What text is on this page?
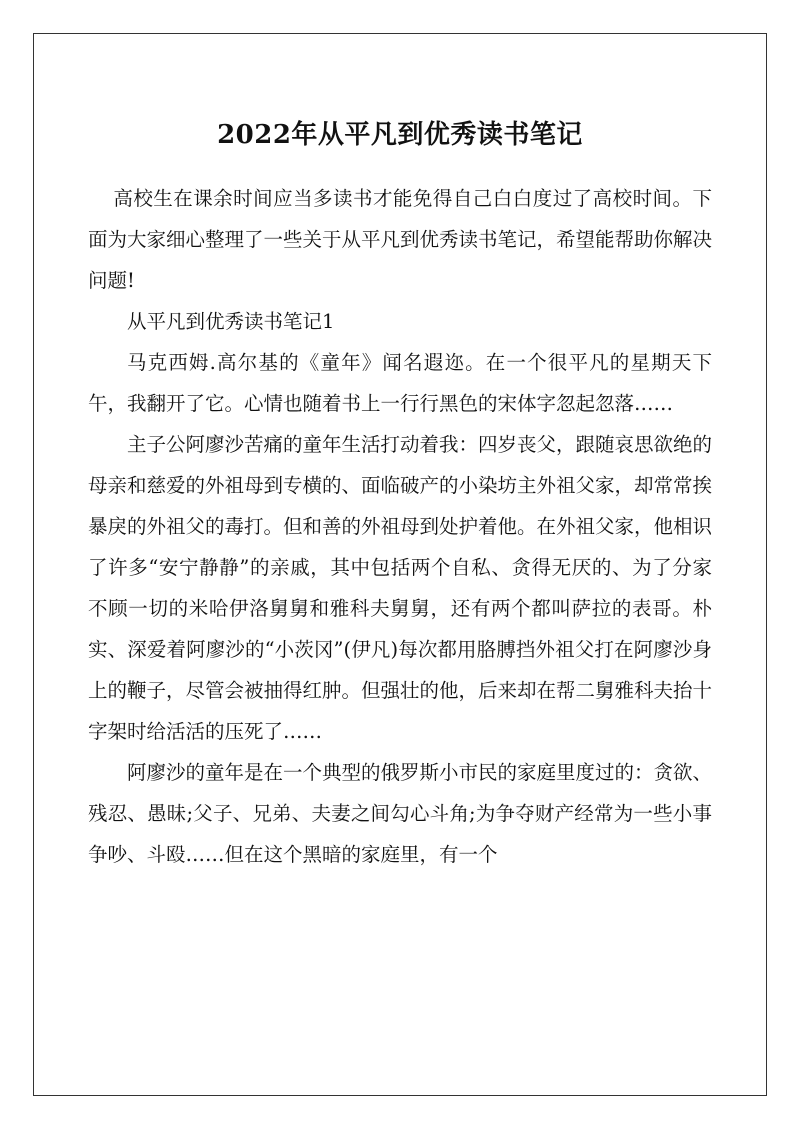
2022年从平凡到优秀读书笔记

高校生在课余时间应当多读书才能免得自己白白度过了高校时间。下面为大家细心整理了一些关于从平凡到优秀读书笔记，希望能帮助你解决问题!

从平凡到优秀读书笔记1

马克西姆.高尔基的《童年》闻名遐迩。在一个很平凡的星期天下午，我翻开了它。心情也随着书上一行行黑色的宋体字忽起忽落……

主子公阿廖沙苦痛的童年生活打动着我：四岁丧父，跟随哀思欲绝的母亲和慈爱的外祖母到专横的、面临破产的小染坊主外祖父家，却常常挨暴戾的外祖父的毒打。但和善的外祖母到处护着他。在外祖父家，他相识了许多“安宁静静”的亲戚，其中包括两个自私、贪得无厌的、为了分家不顾一切的米哈伊洛舅舅和雅科夫舅舅，还有两个都叫萨拉的表哥。朴实、深爱着阿廖沙的“小茨冈”(伊凡)每次都用胳膊挡外祖父打在阿廖沙身上的鞭子，尽管会被抽得红肿。但强壮的他，后来却在帮二舅雅科夫抬十字架时给活活的压死了……

阿廖沙的童年是在一个典型的俄罗斯小市民的家庭里度过的：贪欲、残忍、愚昧;父子、兄弟、夫妻之间勾心斗角;为争夺财产经常为一些小事争吵、斗殴……但在这个黑暗的家庭里，有一个
